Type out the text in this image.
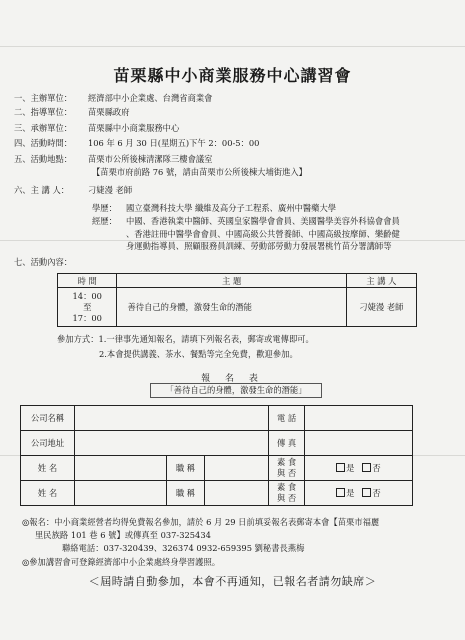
苗栗縣中小商業服務中心講習會
一、主辦單位： 經濟部中小企業處、台灣省商業會
二、指導單位： 苗栗縣政府
三、承辦單位： 苗栗縣中小商業服務中心
四、活動時間： 106 年 6 月 30 日(星期五)下午 2：00-5：00
五、活動地點： 苗栗市公所後棟清潔隊三樓會議室
【苗栗市府前路 76 號，請由苗栗市公所後棟大埔街進入】
六、主 講 人： 刁婕漫 老師
學歷： 國立臺灣科技大學 纖維及高分子工程系、廣州中醫藥大學
經歷： 中國、香港執業中醫師、英國皇家醫學會會員、美國醫學美容外科協會會員
、香港註冊中醫學會會員、中國高級公共營養師、中國高級按摩師、樂齡健
身運動指導員、照顧服務員訓練、勞動部勞動力發展署桃竹苗分署講師等
七、活動內容：
時 間	主 題	主 講 人

14：00
至
17：00	善待自己的身體，激發生命的潛能	刁婕漫 老師
參加方式：1.一律事先通知報名，請填下列報名表，郵寄或電傳即可。
2.本會提供講義、茶水、餐點等完全免費，歡迎參加。
報 名 表
「善待自己的身體，激發生命的潛能」
公司名稱				電 話	
公司地址				傳 真	
姓 名		職 稱		素 食
與 否	是 否
姓 名		職 稱		素 食
與 否	是 否
◎報名：中小商業經營者均得免費報名參加，請於 6 月 29 日前填妥報名表郵寄本會【苗栗市福麗
里民族路 101 巷 6 號】或傳真至 037-325434
聯絡電話：037-320439、326374 0932-659395 劉秘書長燕梅
◎參加講習會可登錄經濟部中小企業處終身學習護照。
＜屆時請自動參加，本會不再通知，已報名者請勿缺席＞
